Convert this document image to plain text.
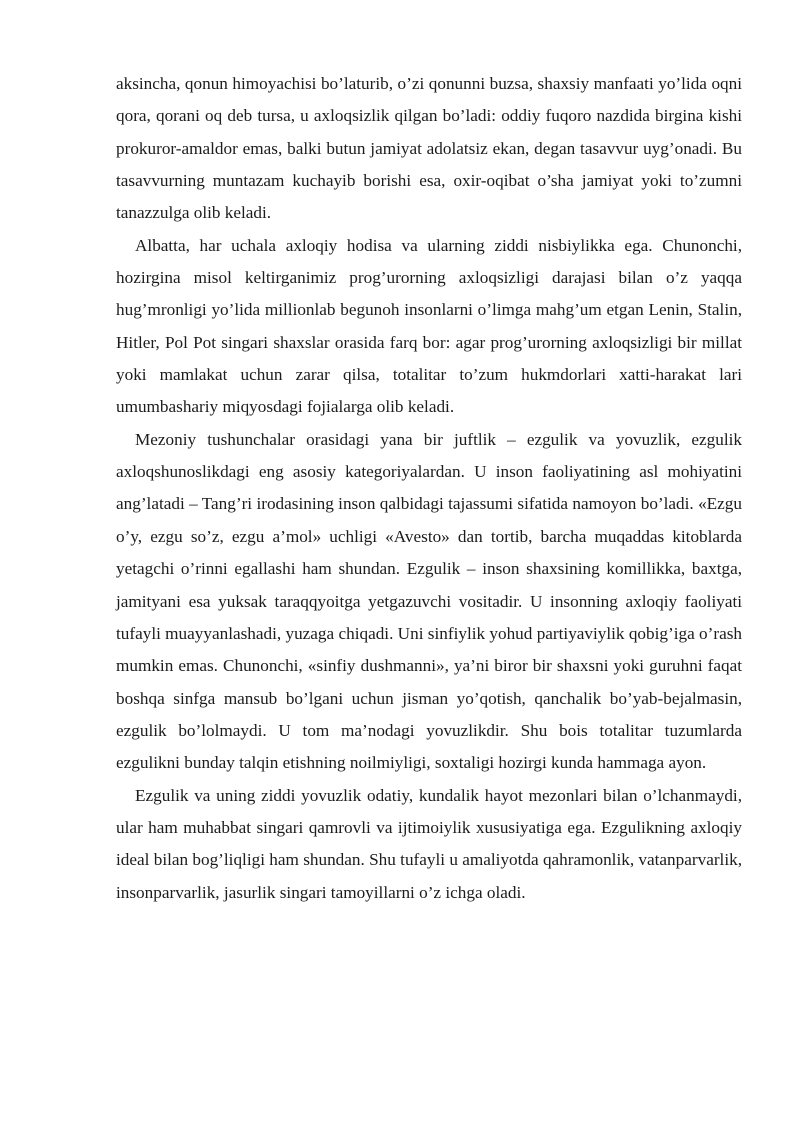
aksincha, qonun himoyachisi bo’laturib, o’zi qonunni buzsa, shaxsiy manfaati yo’lida oqni qora, qorani oq deb tursa, u axloqsizlik qilgan bo’ladi: oddiy fuqoro nazdida birgina kishi prokuror-amaldor emas, balki butun jamiyat adolatsiz ekan, degan tasavvur uyg’onadi. Bu tasavvurning muntazam kuchayib borishi esa, oxir-oqibat o’sha jamiyat yoki to’zumni tanazzulga olib keladi.

Albatta, har uchala axloqiy hodisa va ularning ziddi nisbiylikka ega. Chunonchi, hozirgina misol keltirganimiz prog’urorning axloqsizligi darajasi bilan o’z yaqqa hug’mronligi yo’lida millionlab begunoh insonlarni o’limga mahg’um etgan Lenin, Stalin, Hitler, Pol Pot singari shaxslar orasida farq bor: agar prog’urorning axloqsizligi bir millat yoki mamlakat uchun zarar qilsa, totalitar to’zum hukmdorlari xatti-harakat lari umumbashariy miqyosdagi fojialarga olib keladi.

Mezoniy tushunchalar orasidagi yana bir juftlik – ezgulik va yovuzlik, ezgulik axloqshunoslikdagi eng asosiy kategoriyalardan. U inson faoliyatining asl mohiyatini ang’latadi – Tang’ri irodasining inson qalbidagi tajassumi sifatida namoyon bo’ladi. «Ezgu o’y, ezgu so’z, ezgu a’mol» uchligi «Avesto» dan tortib, barcha muqaddas kitoblarda yetagchi o’rinni egallashi ham shundan. Ezgulik – inson shaxsining komillikka, baxtga, jamityani esa yuksak taraqqyoitga yetgazuvchi vositadir. U insonning axloqiy faoliyati tufayli muayyanlashadi, yuzaga chiqadi. Uni sinfiylik yohud partiyaviylik qobig’iga o’rash mumkin emas. Chunonchi, «sinfiy dushmanni», ya’ni biror bir shaxsni yoki guruhni faqat boshqa sinfga mansub bo’lgani uchun jisman yo’qotish, qanchalik bo’yab-bejalmasin, ezgulik bo’lolmaydi. U tom ma’nodagi yovuzlikdir. Shu bois totalitar tuzumlarda ezgulikni bunday talqin etishning noilmiyligi, soxtaligi hozirgi kunda hammaga ayon.

Ezgulik va uning ziddi yovuzlik odatiy, kundalik hayot mezonlari bilan o’lchanmaydi, ular ham muhabbat singari qamrovli va ijtimoiylik xususiyatiga ega. Ezgulikning axloqiy ideal bilan bog’liqligi ham shundan. Shu tufayli u amaliyotda qahramonlik, vatanparvarlik, insonparvarlik, jasurlik singari tamoyillarni o’z ichga oladi.
